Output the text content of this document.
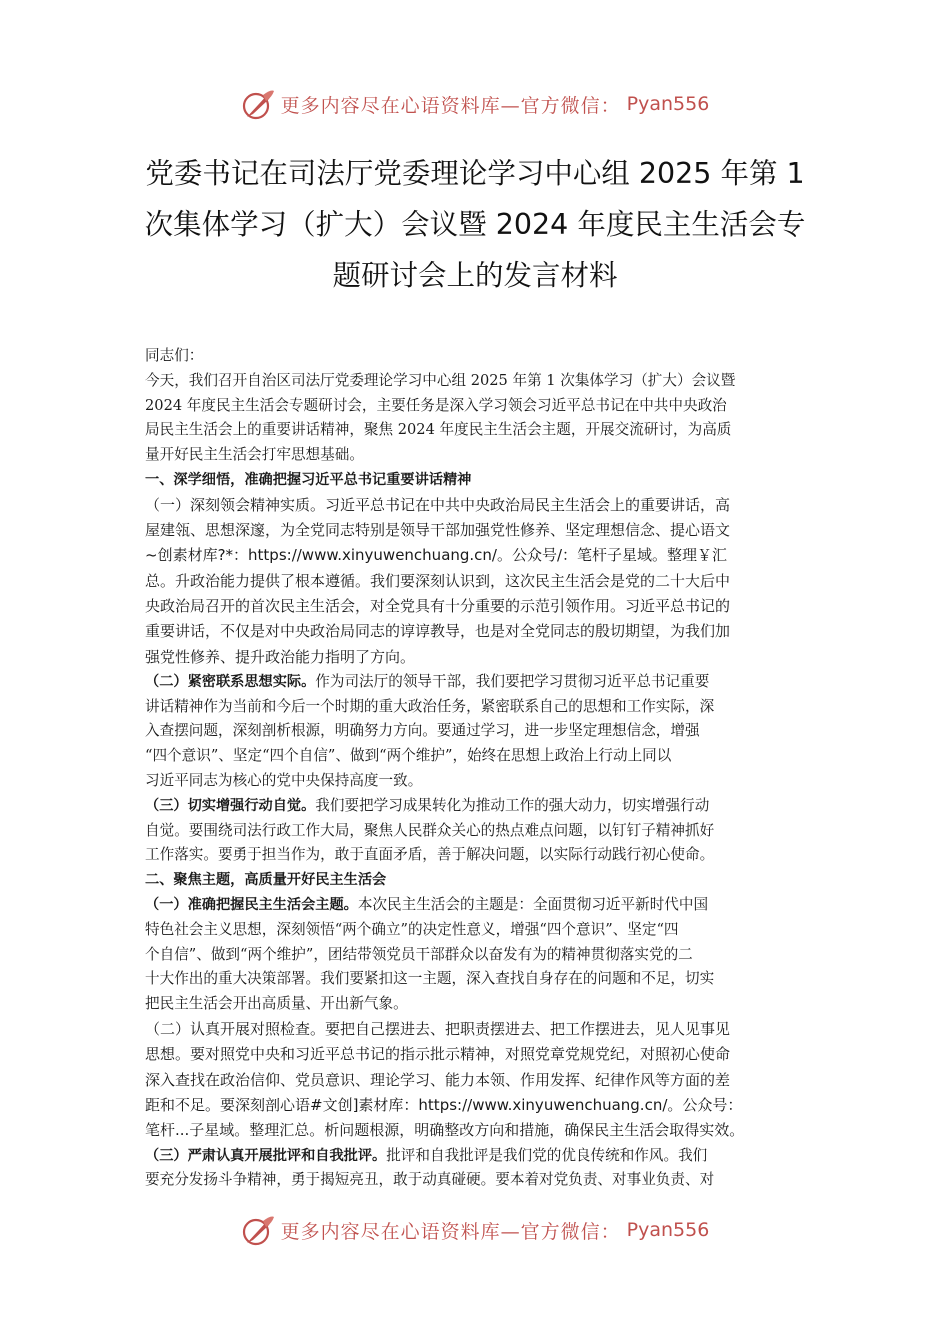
更多内容尽在心语资料库—官方微信： Pyan556
党委书记在司法厅党委理论学习中心组 2025 年第 1
次集体学习（扩大）会议暨 2024 年度民主生活会专
题研讨会上的发言材料

同志们：

今天，我们召开自治区司法厅党委理论学习中心组 2025 年第 1 次集体学习（扩大）会议暨
2024 年度民主生活会专题研讨会，主要任务是深入学习领会习近平总书记在中共中央政治
局民主生活会上的重要讲话精神，聚焦 2024 年度民主生活会主题，开展交流研讨，为高质
量开好民主生活会打牢思想基础。

一、深学细悟，准确把握习近平总书记重要讲话精神

（一）深刻领会精神实质。习近平总书记在中共中央政治局民主生活会上的重要讲话，高
屋建瓴、思想深邃，为全党同志特别是领导干部加强党性修养、坚定理想信念、提心语文
~创素材库?*：https://www.xinyuwenchuang.cn/。公众号/：笔杆子星域。整理￥汇
总。升政治能力提供了根本遵循。我们要深刻认识到，这次民主生活会是党的二十大后中
央政治局召开的首次民主生活会，对全党具有十分重要的示范引领作用。习近平总书记的
重要讲话，不仅是对中央政治局同志的谆谆教导，也是对全党同志的殷切期望，为我们加
强党性修养、提升政治能力指明了方向。

（二）紧密联系思想实际。作为司法厅的领导干部，我们要把学习贯彻习近平总书记重要
讲话精神作为当前和今后一个时期的重大政治任务，紧密联系自己的思想和工作实际，深
入查摆问题，深刻剖析根源，明确努力方向。要通过学习，进一步坚定理想信念，增强
“四个意识”、坚定“四个自信”、做到“两个维护”，始终在思想上政治上行动上同以
习近平同志为核心的党中央保持高度一致。

（三）切实增强行动自觉。我们要把学习成果转化为推动工作的强大动力，切实增强行动
自觉。要围绕司法行政工作大局，聚焦人民群众关心的热点难点问题，以钉钉子精神抓好
工作落实。要勇于担当作为，敢于直面矛盾，善于解决问题，以实际行动践行初心使命。

二、聚焦主题，高质量开好民主生活会

（一）准确把握民主生活会主题。本次民主生活会的主题是：全面贯彻习近平新时代中国
特色社会主义思想，深刻领悟“两个确立”的决定性意义，增强“四个意识”、坚定“四
个自信”、做到“两个维护”，团结带领党员干部群众以奋发有为的精神贯彻落实党的二
十大作出的重大决策部署。我们要紧扣这一主题，深入查找自身存在的问题和不足，切实
把民主生活会开出高质量、开出新气象。

（二）认真开展对照检查。要把自己摆进去、把职责摆进去、把工作摆进去，见人见事见
思想。要对照党中央和习近平总书记的指示批示精神，对照党章党规党纪，对照初心使命
深入查找在政治信仰、党员意识、理论学习、能力本领、作用发挥、纪律作风等方面的差
距和不足。要深刻剖心语#文创]素材库：https://www.xinyuwenchuang.cn/。公众号：
笔杆...子星域。整理汇总。析问题根源，明确整改方向和措施，确保民主生活会取得实效。

（三）严肃认真开展批评和自我批评。批评和自我批评是我们党的优良传统和作风。我们
要充分发扬斗争精神，勇于揭短亮丑，敢于动真碰硬。要本着对党负责、对事业负责、对

更多内容尽在心语资料库—官方微信： Pyan556
